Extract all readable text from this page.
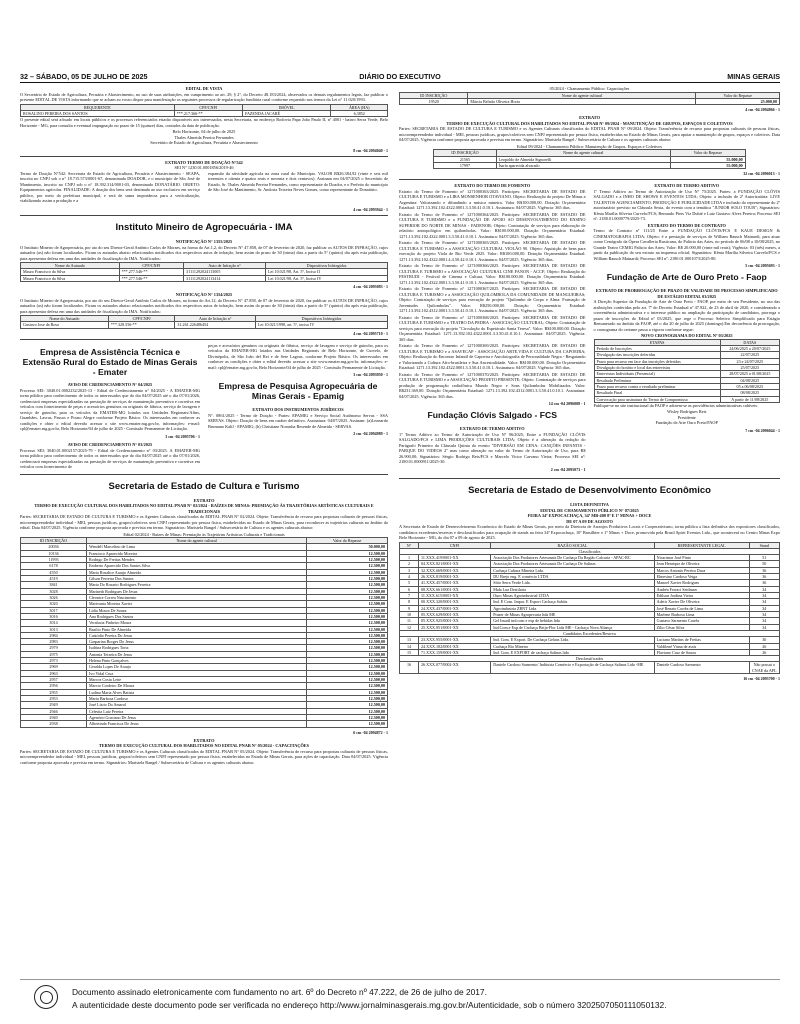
32 – SÁBADO, 05 DE JULHO DE 2025	DIÁRIO DO EXECUTIVO	MINAS GERAIS
EDITAL DE VISTA

O Secretário de Estado de Agricultura, Pecuária e Abastecimento, no uso de suas atribuições, em cumprimento ao art. 29, § 2°, do Decreto 48.183/2024, observados os demais regulamentos legais, faz publicar o presente EDITAL DE VISTA informando que se acham ao vosso dispor para manifestação os seguintes processos de regularização fundiária rural conforme requerido nos termos da Lei n° 11.020/1993.

REQUERENTE	CPF/CNPJ	IMÓVEL	ÁREA (HA)
ROSALINO PEREIRA DOS SANTOS	***.217.366-**	FAZENDA JACARÉ	6,3852

O presente edital será afixado em locais públicos e os processos referenciados estarão disponíveis aos interessados, nesta Secretaria, no endereço Rodovia Papa João Paulo II, nº 4001 - bairro Serra Verde, Belo Horizonte - MG, para consulta e eventual impugnação no prazo de 15 (quinze) dias, contados da data de publicação.

Belo Horizonte, 04 de julho de 2025
Thales Almeida Pereira Fernandes
Secretário de Estado de Agricultura, Pecuária e Abastecimento
8 cm -04 2094040 - 1
EXTRATO TERMO DE DOAÇÃO N°542
SEI N° 1230.01.0001856/2019-46

Termo de Doação N°542: Secretaria de Estado de Agricultura, Pecuária e Abastecimento - SEAPA, inscrita no CNPJ sob o n° 18.715.573/0001-67, denominada DOADOR, e o município de São José de Mantimento, inscrito no CNPJ sob o n° 18.392.314/0001-03, denominado DONATÁRIO. OBJETO: Equipamentos agrícolas. FINALIDADE: A doação dos bens será destinada ao uso exclusivo em serviço público, por meio da prefeitura municipal, e será de suma importância para a verticalização, viabilizando assim a produção e a

expansão da atividade agrícola na zona rural do Município. VALOR R$26.384,92 (vinte e seis mil trezentos e oitenta e quatro reais e noventa e dois centavos). Assinam em 04/07/2025 o Secretário de Estado, Sr. Thales Almeida Pereira Fernandes, como representante do Doador, e o Prefeito do município de São José do Mantimento, Sr. Andoria Teixeira Neves Gomes, como representante do Donatário.

4 cm -04 2093944 - 1
Instituto Mineiro de Agropecuária - IMA
NOTIFICAÇÃO N° 1355/2025

O Instituto Mineiro de Agropecuária, por ato do seu Diretor-Geral Antônio Carlos de Moraes, na forma do Art.1,2, do Decreto N° 47.858, de 07 de fevereiro de 2020, faz publicar os AUTOS DE INFRAÇÃO, cujos autuados (as) não foram localizados. Ficam os autuados abaixo relacionados notificados dos respectivos autos de infração, bem assim do prazo de 30 (trinta) dias a partir do 5° (quinto) dia após esta publicação, para apresentar defesa em uma das unidades de fiscalização do IMA. Notificados:

Nome do Autuado	CPF/CNPJ	Auto de Infração n°	Dispositivos Infringidos
Mauro Francisco da Silva	***.277.546-**	31111292024113005	Lei 10.021/98, Art. 5°, Inciso II
Mauro Francisco da Silva	***.277.546-**	31111292024113414	Lei 10.021/98, Art. 5°, Inciso IV
4 cm -04 2095083 - 1
NOTIFICAÇÃO N° 1354/2025

O Instituto Mineiro de Agropecuária, por ato do seu Diretor-Geral Antônio Carlos de Moraes, na forma do Art.12, do Decreto N° 47.858, de 07 de fevereiro de 2020, faz publicar os AUTOS DE INFRAÇÃO, cujos autuados (as) não foram localizados. Ficam os autuados abaixo relacionados notificados dos respectivos autos de infração, bem assim do prazo de 30 (trinta) dias a partir do 5° (quinto) dia após esta publicação, para apresentar defesa em uma das unidades de fiscalização do IMA. Notificados:

Nome do Autuado	CPF/CNPJ	Auto de Infração n°	Dispositivos Infringidos
Gustavo Jose da Rosa	***.328.556-**	31.261.226486454	Lei 10.021/1998, art. 5°, inciso IV
4 cm -04 2095710 - 1
Empresa de Assistência Técnica e Extensão Rural do Estado de Minas Gerais - Emater
AVISO DE CREDENCIAMENTO N° 04/2025

Processo SEI: 3040.01.0002232/2025-13 - Edital de Credenciamento n° 04/2025 - A EMATER-MG torna público para conhecimento de todos os interessados que do dia 04/07/2025 até o dia 07/01/2026, credenciará empresas especializadas na prestação de serviços de manutenção preventiva e corretiva em veículos com fornecimento de peças e acessórios genuínos ou originais de fábrica, serviço de lavagem e serviço de guincho, para os veículos da EMATER-MG lotados nos Unidades Regionais/Afins, Guanhães, Lavras, Passos e Pouso Alegre conforme Projeto Básico. Os interessados em conhecer as condições e obter o edital deverão acessar o site www.emater.mg.gov.br, informações: e-mail: cpl@emater.mg.gov.br, Belo Horizonte/04 de julho de 2025 - Comissão Permanente de Licitação.

3 cm -04 2095706 - 1
AVISO DE CREDENCIAMENTO N° 03/2025

Processo SEI: 3040.01.0002157/2025-79 - Edital de Credenciamento n° 03/2025. A EMATER-MG torna público para conhecimento de todos os interessados que do dia 04/07/2025 até o dia 07/01/2026, credenciará empresas especializadas na prestação de serviços de manutenção preventiva e corretiva em veículos com fornecimento de

peças e acessórios genuínos ou originais de fábrica, serviço de lavagem e serviço de guincho, para os veículos da EMATER-MG lotados nas Unidades Regionais de Belo Horizonte, de Curvelo, de Divinópolis, de São João del Rei e de Sete Lagoas, conforme Projeto Básico. Os interessados em conhecer as condições e obter o edital deverão acessar o site www.emater.mg.gov.br, informações: e-mail: cpl@emater.mg.gov.br, Belo Horizonte/04 de julho de 2025 - Comissão Permanente de Licitação.

3 cm -04 2093950 - 1
Empresa de Pesquisa Agropecuária de Minas Gerais - Epamig
EXTRATO DOS INSTRUMENTOS JURÍDICOS

N°. 0861/2025 - Termo de Doação - Partes: EPAMIG e Serviço Social Autônomo Servas - SSA SERVAS. Objeto: Doação de bens em caráter definitivo. Assinatura: 04/07/2025. Assinam: (a)Leonardo Brumano Kalil - EPAMIG; (b) Christiane Noronha Resende de Almeida - SERVAS.

2 cm -04 2094989 - 1
Secretaria de Estado de Cultura e Turismo
EXTRATO
TERMO DE EXECUÇÃO CULTURAL DOS HABILITADOS NO EDITAL PNAB N° 02/2024 - RAÍZES DE MINAS: PREMIAÇÃO ÀS TRAJETÓRIAS ARTÍSTICAS CULTURAIS E TRADICIONAIS

Partes: SECRETARIA DE ESTADO DE CULTURA E TURISMO e os Agentes Culturais classificados do EDITAL PNAB N° 02/2024. Objeto: Transferência de recurso para propostas culturais de pessoas físicas, microempreendedor individual - MEI, pessoas jurídicas, grupos/coletivos sem CNPJ representado por pessoa física, estabelecidas no Estado de Minas Gerais, para reconhecer as trajetórias culturais no âmbito do edital. Data 04/07/2025. Vigência conforme proposta aprovada e prevista em termo. Signatários: Maristela Rangel / Subsecretária de Cultura e os agentes culturais abaixo:

Edital 02/2024 - Raízes de Minas: Premiação às Trajetórias Artísticas Culturais e Tradicionais
ID INSCRIÇÃO	Nome do agente cultural	Valor do Repasse
20036	Wendell Marcelino de Lima	50.000,00
10136	Francisco Aparecido Moreira	12.500,00
11993	Rodrigo De Freitas Mendes	12.500,00
6178	Emberto Aparecido Dos Santos Silva	12.500,00
4550	Maria Rosalice Araujo Almeida	12.500,00
4519	Gilson Ferreira Dos Santos	12.500,00
3841	Maria Do Rosario Rodrigues Ferreira	12.500,00
3028	Marineth Rodrigues De Jesus	12.500,00
3026	Cleonice Correa Nascimento	12.500,00
3020	Marivania Moreira Xavier	12.500,00
3017	Lidia Moura De Souza	12.500,00
3016	Ana Rodrigues Dos Santos	12.500,00
3014	Veralucia Pinheiro Moura	12.500,00
3013	Basilio Pinto De Almeida	12.500,00
2984	Custódio Pereira Do Jesus	12.500,00
2983	Gasparina Borges Do Jesus	12.500,00
2979	Isaltina Rodrigues Torta	12.500,00
2975	Antonia Teixeira De Jesus	12.500,00
2973	Helena Pinto Gonçalves	12.500,00
2969	Geralda Lopes De Araujo	12.500,00
2963	Ivo Vidal Cruz	12.500,00
2957	Marcos Costa Leite	12.500,00
2956	Marcio Cordeiro De Moura	12.500,00
2955	Ludina Maria Alves Batista	12.500,00
2953	Maria Barbosa Cardoso	12.500,00
2949	José Lúcio Do Amaral	12.500,00
2946	Celestia Luiz Pereira	12.500,00
2940	Agenório Graciano De Jesus	12.500,00
2938	Albertinda Francisca De Jesus	12.500,00
6 cm -04 2094872 - 1
EXTRATO
TERMO DE EXECUÇÃO CULTURAL DOS HABILITADOS NO EDITAL PNAB N° 05/2024 - CAPACITAÇÕES

Partes: SECRETARIA DE ESTADO DE CULTURA E TURISMO e os Agentes Culturais classificados do EDITAL PNAB N° 05/2024. Objeto: Transferência de recurso para propostas culturais de pessoas físicas, microempreendedor individual - MEI, pessoas jurídicas, grupos/coletivos sem CNPJ representado por pessoa física, estabelecidas no Estado de Minas Gerais, para ações de capacitação. Data 04/07/2025. Vigência conforme proposta aprovada e prevista em termo. Signatários: Maristela Rangel / Subsecretária de Cultura e os agentes culturais abaixo:

05/2024 - Chamamento Público: Capacitações
ID INSCRIÇÃO	Nome do agente cultural	Valor do Repasse
19520	Márcia Beltrão Oliveira Horta	25.000,00
4 cm -04 2094866 - 1
EXTRATO
TERMO DE EXECUÇÃO CULTURAL DOS HABILITADOS NO EDITAL PNAB N° 09/2024 - MANUTENÇÃO DE GRUPOS, ESPAÇOS E COLETIVOS

Partes: SECRETARIA DE ESTADO DE CULTURA E TURISMO e os Agentes Culturais classificados do EDITAL PNAB N° 09/2024. Objeto: Transferência de recurso para propostas culturais de pessoas físicas, microempreendedor individual - MEI, pessoas jurídicas, grupos/coletivos sem CNPJ representado por pessoa física, estabelecidas no Estado de Minas Gerais, para apoiar a manutenção de grupos, espaços e coletivos. Data 04/07/2025. Vigência conforme proposta aprovada e prevista em termo. Signatários: Maristela Rangel / Subsecretária de Cultura e os agentes culturais abaixo:

Edital 09/2024 - Chamamento Público: Manutenção de Grupos, Espaços e Coletivos
ID INSCRIÇÃO	Nome do agente cultural	Valor do Repasse
21565	Leopoldo de Almeida Signorelli	55.000,00
17997	Ísaría aparecida alvarado	55.000,00
32 cm -04 2096013 - 1
EXTRATO DO TERMO DE FOMENTO

Extrato do Termo de Fomento n° 1271000363/2025. Participes: SECRETARIA DE ESTADO DE CULTURA E TURISMO e a LIRA MONSENHOR OTAVIANO. Objeto: Realização do projeto De Minas a Argentina: Valorizando e difundindo a música mineira. Valor R$100.000,00. Dotação Orçamentária Estadual: 1271.13.392.102.4322.0001.3.3.50.41.0.10.1. Assinatura: 04/07/2025. Vigência: 365 dias.

Extrato do Termo de Fomento n° 1271000364/2025. Participes: SECRETARIA DE ESTADO DE CULTURA E TURISMO e a FUNDAÇÃO DE APOIO AO DESENVOLVIMENTO DO ENSINO SUPERIOR DO NORTE DE MINAS - FADENOR; Objeto: Contratação de serviços para elaboração de relatório antropológico em quilombolas. Valor: R$100.000,00. Dotação Orçamentária Estadual: 1271.13.392.102.4322.0001.3.3.50.41.0.10.1. Assinatura: 04/07/2025. Vigência: 365 dias.

Extrato do Termo de Fomento n° 1271000365/2025. Participes: SECRETARIA DE ESTADO DE CULTURA E TURISMO e a ASSOCIAÇÃO CULTURAL VIOLÃO 90. Objeto: Aquisição de bens para execução do projeto Viola de Rio Verde 2025. Valor: R$100.000,00. Dotação Orçamentária Estadual: 1271.13.392.102.4322.0001.4.4.50.42.0.10.1. Assinatura: 04/07/2025. Vigência: 365 dias.

Extrato do Termo de Fomento n° 1271000366/2025. Participes: SECRETARIA DE ESTADO DE CULTURA E TURISMO e a ASSOCIAÇÃO CULTURAL CINE FANON - ACCF; Objeto: Realização do FESTRUDI - Festival de Cinema e Cultura. Valor: R$100.000,00. Dotação Orçamentária Estadual: 1271.13.392.102.4322.0001.3.3.50.41.0.10.1. Assinatura: 04/07/2025. Vigência: 365 dias.

Extrato do Termo de Fomento n° 1271000367/2025. Participes: SECRETARIA DE ESTADO DE CULTURA E TURISMO e a ASSOCIAÇÃO QUILOMBOLA DA COMUNIDADE DE MANGUEIRAS; Objeto: Contratação de serviços para execução do projeto "Quilombo de Corpo e Alma: Formação de Juventudes Quilombolas". Valor: R$250.000,00. Dotação Orçamentária Estadual: 1271.13.392.102.4312.0001.3.3.50.41.0.10.1. Assinatura: 04/07/2025. Vigência: 365 dias.

Extrato do Termo de Fomento n° 1271000368/2025. Participes: SECRETARIA DE ESTADO DE CULTURA E TURISMO e o TEATRO DA PEDRA - ASSOCIAÇÃO CULTURAL; Objeto: Contratação de serviços para execução do projeto "Circulação do Espetáculo Santa Teresa". Valor: R$100.000,00. Dotação Orçamentária Estadual: 1271.13.392.102.4322.0001.3.3.50.41.0.10.1. Assinatura: 04/07/2025. Vigência: 365 dias.

Extrato do Termo de Fomento n° 1271000369/2025. Participes: SECRETARIA DE ESTADO DE CULTURA E TURISMO e a ASAVECAP - ASSOCIAÇÃO ARTE,VIDA E CULTURA DA CAPOEIRA; Objeto: Realização do Encontro Infantil de Capoeira e Autofotografia de Personalidade Negra - Resgatando e Valorizando a Cultura Afro-brasileira e Sua Ancestralidade. Valor: R$100.000,00. Dotação Orçamentária Estadual: 1271.13.392.102.4322.0001.3.3.50.41.0.10.1. Assinatura: 04/07/2025. Vigência: 365 dias.

Extrato do Termo de Fomento n° 1271000370/2025. Participes: SECRETARIA DE ESTADO DE CULTURA E TURISMO e a ASSOCIAÇÃO PROJETO PRESENTE; Objeto: Contratação de serviços para produção de programação radiofônica Mundo Negro e Sons Quilombolas Mobilizados. Valor: R$231.369,00. Dotação Orçamentária Estadual: 1271.13.392.102.4312.0001.3.3.50.41.0.10.1. Assinatura: 04/07/2025. Vigência: 365 dias.

14 cm -04 2096008 - 1
Fundação Clóvis Salgado - FCS
EXTRATO DE TERMO ADITIVO

1º Termo Aditivo ao Termo de Autorização de Uso Nº 96/2025; Entre a FUNDAÇÃO CLÓVIS SALGADO/FCS e LIMA PRODUÇÕES CULTURAIS LTDA; Objeto é a alteração da redação do Parágrafo Primeiro da Cláusula Quinta do evento "DIVERSÃO EM CENA: CANÇÕES INFANTIS - PARQUE DO VIDEOS 2" mas como alteração no valor do Termo de Autorização de Uso, para R$ 26.900,00; Signatários: Sérgio Rodrigo Reis/FCS e Marcelo Victor Carvano Vieira; Processo SEI nº: 2180.01.0000911/2025-30.

2 cm -04 2095073 - 1
EXTRATO DE TERMO ADITIVO

1º Termo Aditivo ao Termo de Autorização de Uso N° 75/2025. Partes: a FUNDAÇÃO CLÓVIS SALGADO e a INHO DE SHOWS E EVENTOS LTDA; Objeto: a inclusão de 2ª Autorizatária: LIVE TALENTOS AGENCIAMENTO, PRODUÇÃO E PUBLICIDADE LTDA e inclusão do representante do 2º autorizatário previsto na Cláusula Sexta, do evento com a temática "JUNIOR SOLO TOUR"; Signatários: Kênia Marília Silveira Curvelo/FCS; Bernardo Piers Viz Dubié e Luiz Gustavo Alves Pereira; Processo SEI nº: 2180.01.0000779/2025-73.

EXTRATO DO TERMO DE CONTRATO

Termo de Contrato nº 111/25 Entre a FUNDAÇÃO CLÓVIS/FCS E KAUE DESIGN & CINEMATOGRAFIA LTDA; Objeto: é a prestação de serviços de William Rausch Mainardi, para atuar como Cenógrafo da Ópera Cavalleria Rusticana, do Palácio das Artes, no período de 06/08 a 10/08/2025, no Grande Teatro CEMIG Palácio das Artes; Valor: R$ 20.000,00 (vinte mil reais); Vigência: 03 (três) meses, a partir da publicação do seu extrato na imprensa oficial; Signatários: Kênia Marília Silveira Curvelo/FCS e William Rausch Mainardi; Processo SEI nº: 2180.01.0001073/2025-80.

5 cm -04 2095693 - 1
Fundação de Arte de Ouro Preto - Faop
EXTRATO DE PRORROGAÇÃO DE PRAZO DE VALIDADE DE PROCESSO SIMPLIFICADO DE ESTÁGIO EDITAL 03/2025

A Direção Superior da Fundação de Arte de Ouro Preto - FAOP, por meio de seu Presidente, no uso das atribuições conferidas pelo art. 7º do Decreto Estadual nº 47.922, de 23 de abril de 2020, e considerando a conveniência administrativa e o interesse público no ampliação da participação de candidatos, prorroga o prazo de inscrições do Edital nº 03/2025, que rege o Processo Seletivo Simplificado para Estágio Remunerado no âmbito da FAOP, até o dia 20 de julho de 2025 (domingo).Em decorrência da prorrogação, o cronograma do certame passa a vigorar conforme segue:

NOVO CRONOGRAMA DO EDITAL Nº 03/2025
ETAPAS	DATAS
Período de Inscrições	24/06/2025 a 20/07/2025
Divulgação das inscrições deferidas	22/07/2025
Prazo para recurso em face das inscrições deferidas	23 e 24/07/2025
Divulgação do horário e local das entrevistas	25/07/2025
Entrevistas Individuais (Presencial)	28/07/2025 a 01/08/2025
Resultado Preliminar	04/08/2025
Prazo para recurso contra o resultado preliminar	05 a 06/08/2025
Resultado Final	08/08/2025
Convocação para assinatura do Termo de Compromisso	A partir de 11/08/2025

Publique-se no site institucional da FAOP e adotem-se as providências administrativas cabíveis.

Wisley Rodrigues Reis
Presidente
Fundação de Arte Ouro Preto/FAOP
7 cm -04 2096044 - 1
Secretaria de Estado de Desenvolvimento Econômico
LISTA DEFINITIVA
EDITAL DE CHAMAMENTO PÚBLICO N° 07/2025
FEIRA 34ª EXPOCACHAÇA, 34ª MB-400 8ª E 1ª MINAS + DOCE
DE 07 A 09 DE AGOSTO

A Secretaria de Estado de Desenvolvimento Econômico do Estado de Minas Gerais, por meio da Diretoria de Arranjos Produtivos Locais e Cooperativismo, torna pública a lista definitiva dos expositores classificados, candidatos excedentes/reservas e desclassificados para ocupação de stands na feira 34ª Expocachaça, 10º Brasilbier e 1º Minas + Doce, promovida pela Brasil Spirit Eventos Ltda., que acontecerá no Centro Minas Expo Belo Horizonte - MG, do dia 07 a 09 de agosto de 2025.

N°	CNPJ	RAZÃO SOCIAL	REPRESENTANTE LEGAL	Stand
Classificados				
1	11.XXX.419/0001-XX	Associação Dos Produtores Artesanais De Cachaça Da Região Calcaria - APAC-RC	Nicarimar José Pinto	51
2	04.XXX.821/0001-XX	Associação Dos Produtores Artesanais De Cachaça De Salinas	Jean Henrique de Oliveira	50
3	32.XXX.669/0001-XX	Cachaça Cultura Mineira Ltda.	Marcos Antonio Pereira Duca	36
4	26.XXX.819/0001-XX	DU Brejo eng. E comércio LTDA	Elmesino Cardoso Veiga	36
5	41.XXX.457/0001-XX	Sítio Serra Verde Ltda.	Manoel Xavier Rodrigues	36
6	08.XXX.661/0001-XX	Mala Lua Destilaria	Andréa Ferraci Seidman	34
7	11.XXX.615/0001-XX	Ouro Minas Agroindustrial LTDA	Edilson Jordina Vieira	34
8	00.XXX.320/0001-XX	Ind. E Com. Impor. E Export Cachaça Sabiás	Adeiir Xavier De Oliveira	34
9	24.XXX.437/0001-XX	Agroindustria ZRNT Ltda.	José Renato Corrêa de Lima	34
10	05.XXX.629/0001-XX	Prazer de Minas Agropecuria ltda ME	Marlene Barbosa Lima	34
11	05.XXX.925/0001-XX	Gel Insaúl ind.com e exp de bebidas ltda	Gustavo Sarmento Corrêa	34
12	25.XXX.951/0001-XX	Ind.Com.e Exp.de Cachaça Beija-Flor Ltda ME - Cachaça Nova Aliança	Zílio César Silva	34
Candidatos Excedentes/Reserva				
13	23.XXX.955/0001-XX	Ind. Com. E Export. De Cachaça Gelaus Ltda.	Luciano Martins de Freitas	30
14	24.XXX.182/0001-XX	Cachaça Rio Mineiro	Valdilené Viana de assis	26
15	71.XXX.159/0001-XX	Ind. Com. E EXPORT de cachaça Salinas ltda	Flaviano Cruz de Souza	26
Desclassificados				
16	26.XXX.077/0002-XX	Daniele Cardoso Sarmento/ Indústria Comércio e Exportação de Cachaça Salinas Ltda -ME	Daniele Cardoso Sarmento	Não possui o CNAE da APL
16 cm -04 2095700 - 1
Documento assinado eletronicamente com fundamento no art. 6º do Decreto nº 47.222, de 26 de julho de 2017.
A autenticidade deste documento pode ser verificada no endereço http://www.jornalminasgerais.mg.gov.br/Autenticidade, sob o número 3202507050111050132.
